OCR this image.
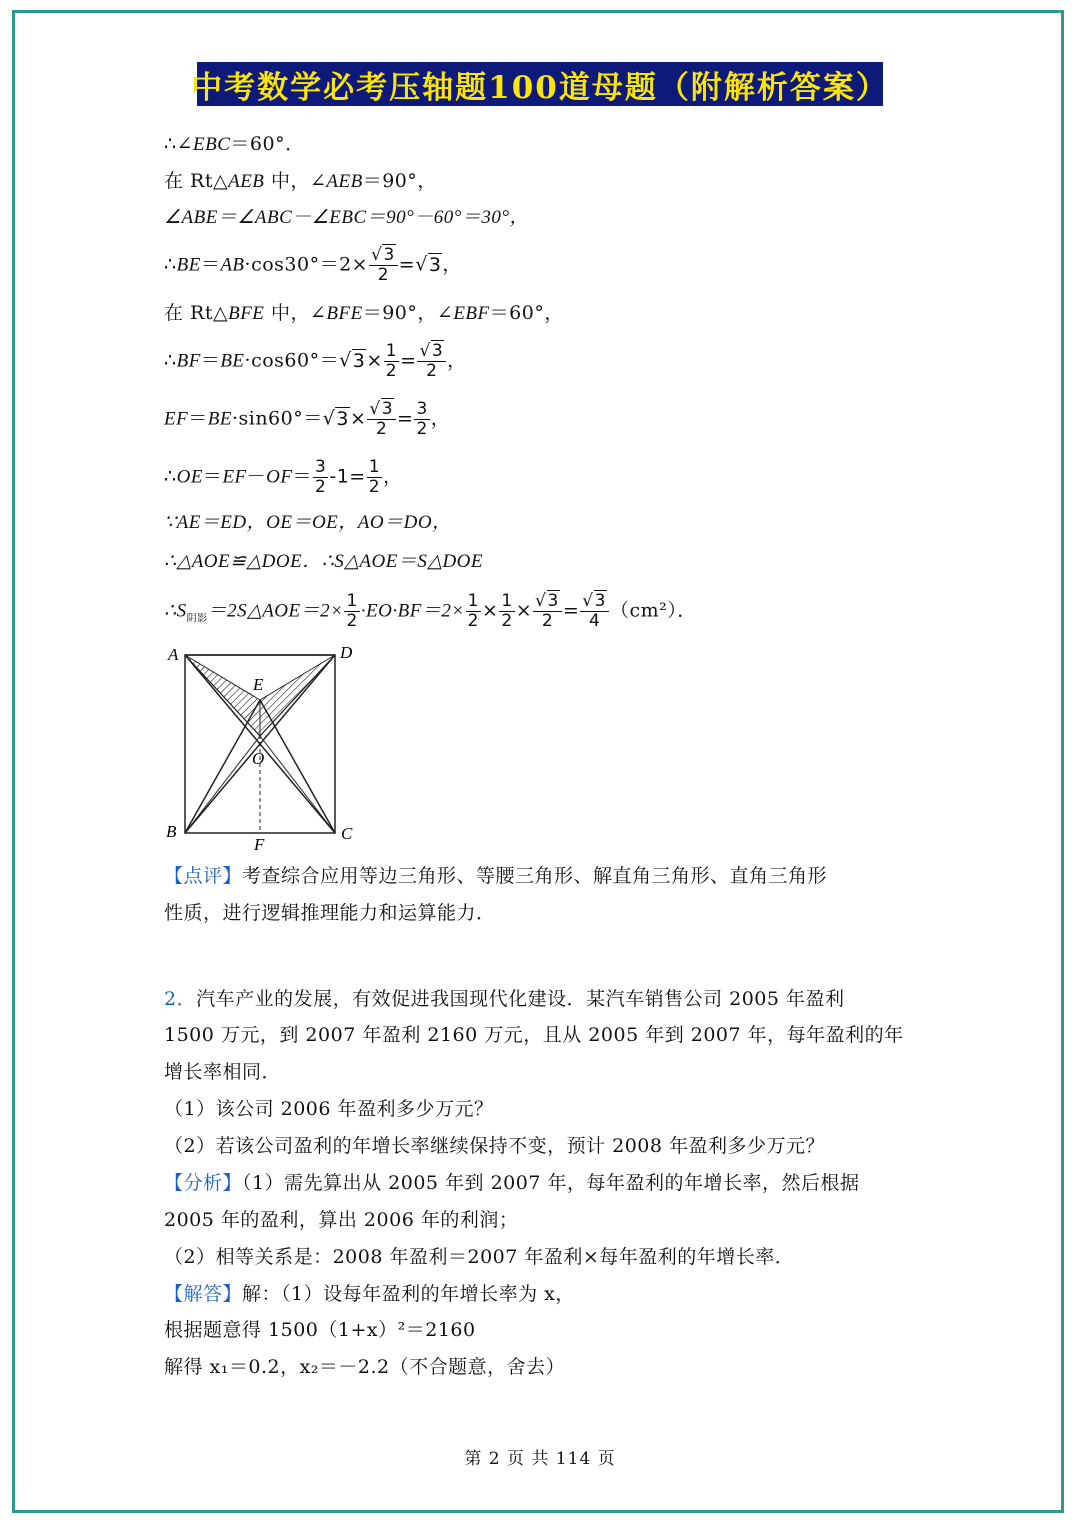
中考数学必考压轴题100道母题（附解析答案）
∴∠EBC＝60°．
在 Rt△AEB 中，∠AEB＝90°，
∠ABE＝∠ABC－∠EBC＝90°－60°＝30°，
∴BE＝AB·cos30°＝2× $\frac{√3}{2} =√3$，
在 Rt△BFE 中，∠BFE＝90°，∠EBF＝60°，
∴BF＝BE·cos60°＝√3× $\frac{1}{2} = \frac{√3}{2}$ ，
$EF=BE\cdot\sin 60^\circ=√3\times \frac{√3}{2} = \frac{3}{2}$ ，
∴OE＝EF－OF＝ $\frac{3}{2} -1= \frac{1}{2}$ ，
∵AE＝ED，OE＝OE，AO＝DO，
∴△AOE≌△DOE．∴S△AOE＝S△DOE
$\therefore S_{阴影}=2S\triangle AOE=2\times \frac{1}{2} \cdot EO\cdot BF=2\times \frac{1}{2} \times \frac{1}{2} \times \frac{√3}{2} = \frac{√3}{4} (cm^2)$．
A	D
E
O
B	C
F
【点评】考查综合应用等边三角形、等腰三角形、解直角三角形、直角三角形
性质，进行逻辑推理能力和运算能力．
2．汽车产业的发展，有效促进我国现代化建设．某汽车销售公司 2005 年盈利
1500 万元，到 2007 年盈利 2160 万元，且从 2005 年到 2007 年，每年盈利的年
增长率相同．
（1）该公司 2006 年盈利多少万元？
（2）若该公司盈利的年增长率继续保持不变，预计 2008 年盈利多少万元？
【分析】（1）需先算出从 2005 年到 2007 年，每年盈利的年增长率，然后根据
2005 年的盈利，算出 2006 年的利润；
（2）相等关系是：2008 年盈利＝2007 年盈利×每年盈利的年增长率．
【解答】解：（1）设每年盈利的年增长率为 x，
根据题意得 1500（1+x）²＝2160
解得 x₁＝0.2，x₂＝－2.2（不合题意，舍去）
第 2 页 共 114 页
